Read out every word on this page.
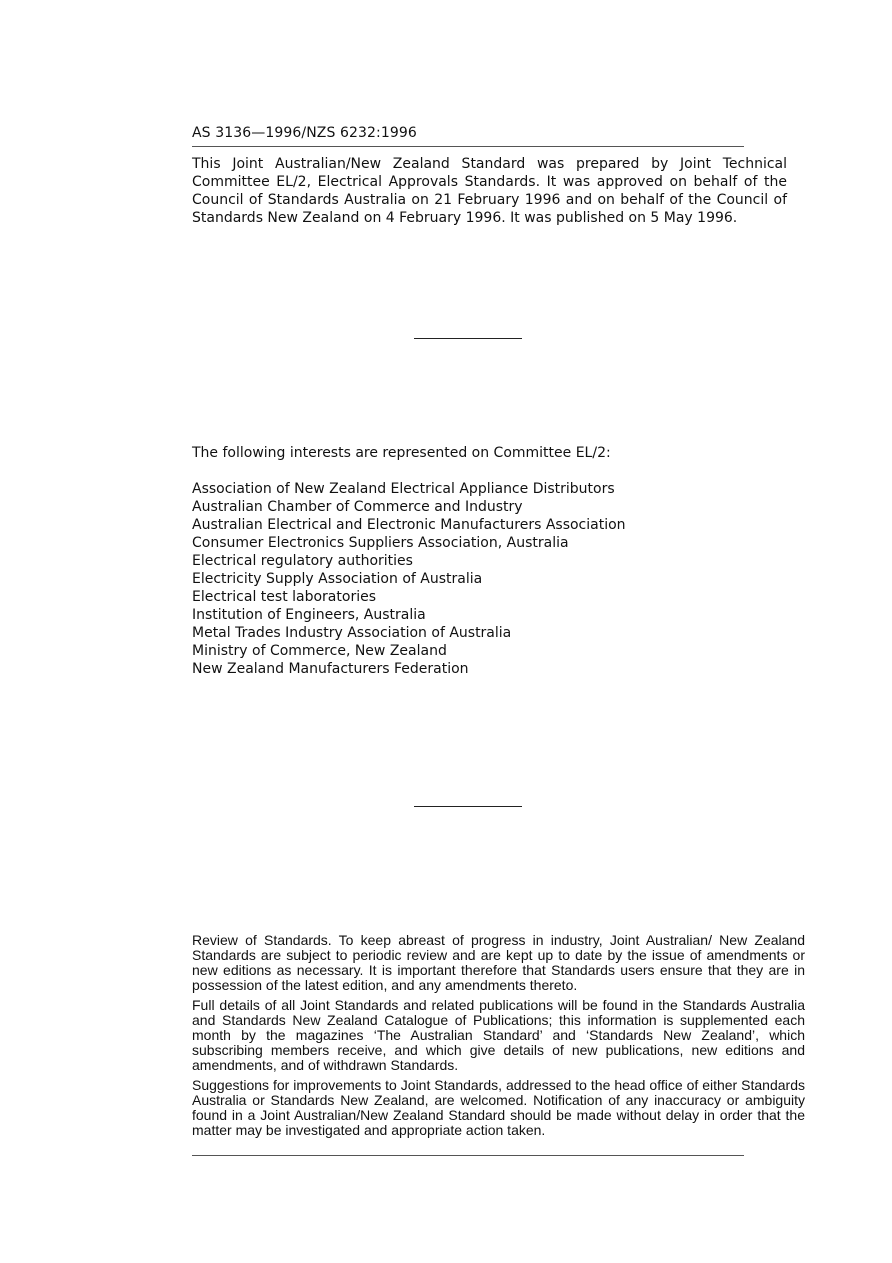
AS 3136—1996/NZS 6232:1996

This Joint Australian/New Zealand Standard was prepared by Joint Technical Committee EL/2, Electrical Approvals Standards. It was approved on behalf of the Council of Standards Australia on 21 February 1996 and on behalf of the Council of Standards New Zealand on 4 February 1996. It was published on 5 May 1996.

The following interests are represented on Committee EL/2:
Association of New Zealand Electrical Appliance Distributors
Australian Chamber of Commerce and Industry
Australian Electrical and Electronic Manufacturers Association
Consumer Electronics Suppliers Association, Australia
Electrical regulatory authorities
Electricity Supply Association of Australia
Electrical test laboratories
Institution of Engineers, Australia
Metal Trades Industry Association of Australia
Ministry of Commerce, New Zealand
New Zealand Manufacturers Federation

Review of Standards. To keep abreast of progress in industry, Joint Australian/ New Zealand Standards are subject to periodic review and are kept up to date by the issue of amendments or new editions as necessary. It is important therefore that Standards users ensure that they are in possession of the latest edition, and any amendments thereto.

Full details of all Joint Standards and related publications will be found in the Standards Australia and Standards New Zealand Catalogue of Publications; this information is supplemented each month by the magazines ‘The Australian Standard’ and ‘Standards New Zealand’, which subscribing members receive, and which give details of new publications, new editions and amendments, and of withdrawn Standards.

Suggestions for improvements to Joint Standards, addressed to the head office of either Standards Australia or Standards New Zealand, are welcomed. Notification of any inaccuracy or ambiguity found in a Joint Australian/New Zealand Standard should be made without delay in order that the matter may be investigated and appropriate action taken.
